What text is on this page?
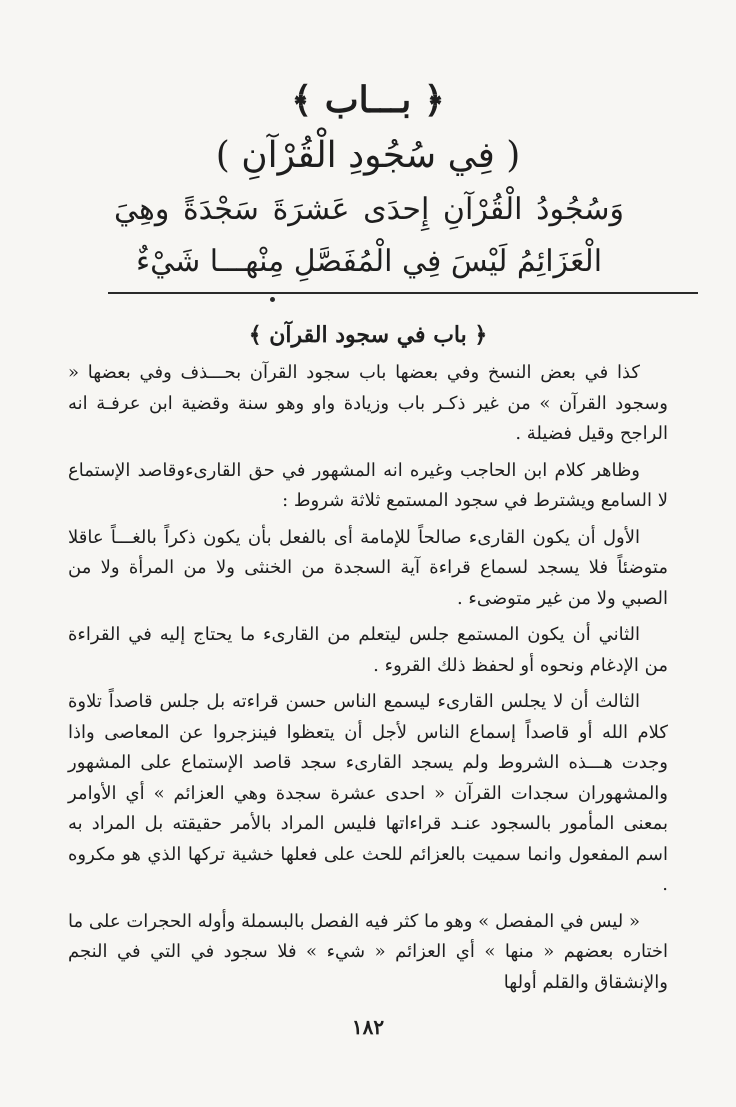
﴿ بـــاب ﴾
( فِي سُجُودِ الْقُرْآنِ )
وَسُجُودُ الْقُرْآنِ إِحدَى عَشرَةَ سَجْدَةً وهِيَ الْعَزَائِمُ لَيْسَ فِي الْمُفَصَّلِ مِنْهـــا شَيْءٌ
﴿ باب في سجود القرآن ﴾

كذا في بعض النسخ وفي بعضها باب سجود القرآن بحـــذف وفي بعضها « وسجود القرآن » من غير ذكـر باب وزيادة واو وهو سنة وقضية ابن عرفـة انه الراجح وقيل فضيلة .

وظاهر كلام ابن الحاجب وغيره انه المشهور في حق القارىءوقاصد الإستماع لا السامع ويشترط في سجود المستمع ثلاثة شروط :

الأول أن يكون القارىء صالحاً للإمامة أى بالفعل بأن يكون ذكراً بالغـــاً عاقلا متوضئاً فلا يسجد لسماع قراءة آية السجدة من الخنثى ولا من المرأة ولا من الصبي ولا من غير متوضىء .

الثاني أن يكون المستمع جلس ليتعلم من القارىء ما يحتاج إليه في القراءة من الإدغام ونحوه أو لحفظ ذلك القروء .

الثالث أن لا يجلس القارىء ليسمع الناس حسن قراءته بل جلس قاصداً تلاوة كلام الله أو قاصداً إسماع الناس لأجل أن يتعظوا فينزجروا عن المعاصى واذا وجدت هـــذه الشروط ولم يسجد القارىء سجد قاصد الإستماع على المشهور والمشهوران سجدات القرآن « احدى عشرة سجدة وهي العزائم » أي الأوامر بمعنى المأمور بالسجود عنـد قراءاتها فليس المراد بالأمر حقيقته بل المراد به اسم المفعول وانما سميت بالعزائم للحث على فعلها خشية تركها الذي هو مكروه .

« ليس في المفصل » وهو ما كثر فيه الفصل بالبسملة وأوله الحجرات على ما اختاره بعضهم « منها » أي العزائم « شيء » فلا سجود في التي في النجم والإنشقاق والقلم أولها

١٨٢
